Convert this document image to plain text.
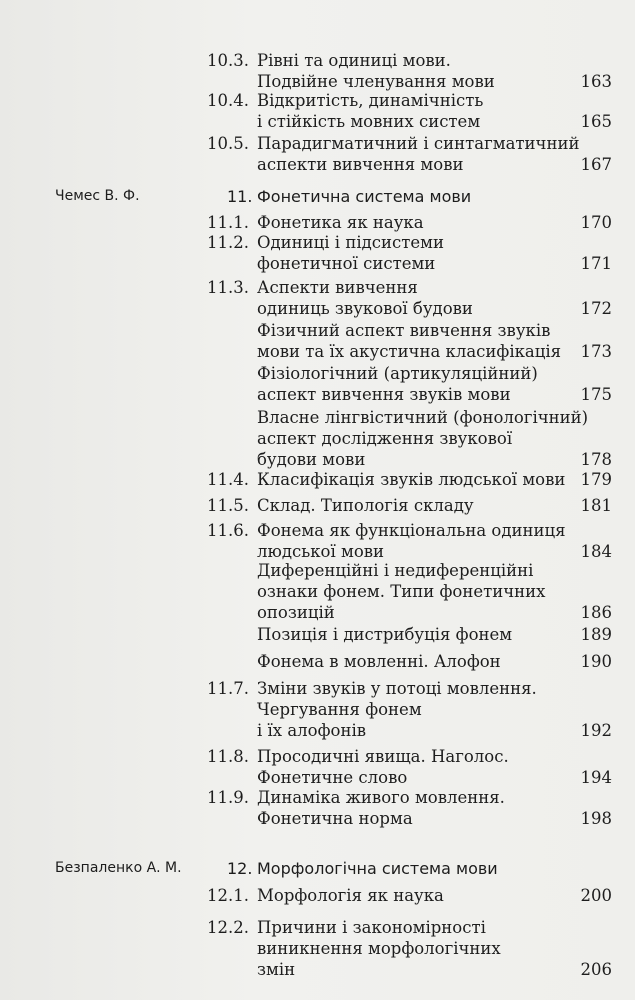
10.3. Рівні та одиниці мови.
Подвійне членування мови	163
10.4. Відкритість, динамічність
і стійкість мовних систем	165
10.5. Парадигматичний і синтагматичний
аспекти вивчення мови	167
Чемес В. Ф.	11. Фонетична система мови
11.1. Фонетика як наука	170
11.2. Одиниці і підсистеми
фонетичної системи	171
11.3. Аспекти вивчення
одиниць звукової будови	172
Фізичний аспект вивчення звуків
мови та їх акустична класифікація 173
Фізіологічний (артикуляційний)
аспект вивчення звуків мови	175
Власне лінгвістичний (фонологічний)
аспект дослідження звукової
будови мови	178
11.4. Класифікація звуків людської мови 179
11.5. Склад. Типологія складу	181
11.6. Фонема як функціональна одиниця
людської мови	184
Диференційні і недиференційні
ознаки фонем. Типи фонетичних
опозицій	186
Позиція і дистрибуція фонем	189
Фонема в мовленні. Алофон	190
11.7. Зміни звуків у потоці мовлення.
Чергування фонем
і їх алофонів	192
11.8. Просодичні явища. Наголос.
Фонетичне слово	194
11.9. Динаміка живого мовлення.
Фонетична норма	198
Безпаленко А. М.	12. Морфологічна система мови
12.1. Морфологія як наука	200
12.2. Причини і закономірності
виникнення морфологічних
змін	206
